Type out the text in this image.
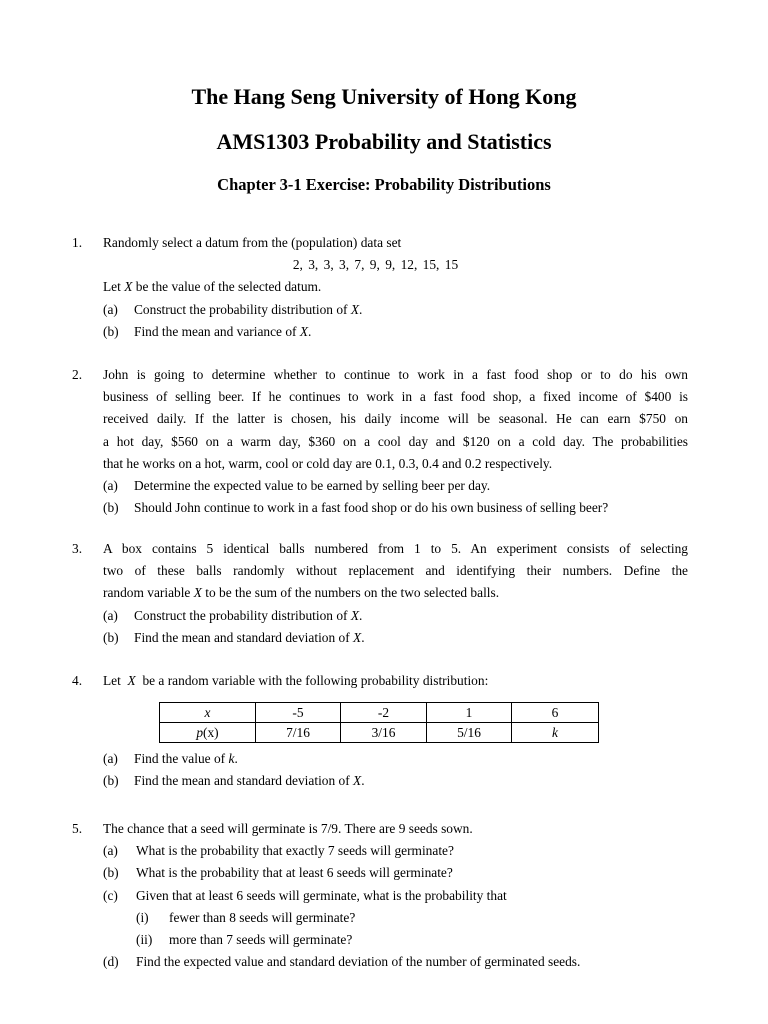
The Hang Seng University of Hong Kong
AMS1303 Probability and Statistics
Chapter 3-1 Exercise: Probability Distributions
1. Randomly select a datum from the (population) data set
2, 3, 3, 3, 7, 9, 9, 12, 15, 15
Let X be the value of the selected datum.
(a) Construct the probability distribution of X.
(b) Find the mean and variance of X.
2. John is going to determine whether to continue to work in a fast food shop or to do his own
business of selling beer. If he continues to work in a fast food shop, a fixed income of $400 is
received daily. If the latter is chosen, his daily income will be seasonal. He can earn $750 on
a hot day, $560 on a warm day, $360 on a cool day and $120 on a cold day. The probabilities
that he works on a hot, warm, cool or cold day are 0.1, 0.3, 0.4 and 0.2 respectively.
(a) Determine the expected value to be earned by selling beer per day.
(b) Should John continue to work in a fast food shop or do his own business of selling beer?
3. A box contains 5 identical balls numbered from 1 to 5. An experiment consists of selecting
two of these balls randomly without replacement and identifying their numbers. Define the
random variable X to be the sum of the numbers on the two selected balls.
(a) Construct the probability distribution of X.
(b) Find the mean and standard deviation of X.
4. Let X be a random variable with the following probability distribution:
x	-5	-2	1	6
p(x)	7/16	3/16	5/16	k
(a) Find the value of k.
(b) Find the mean and standard deviation of X.
5. The chance that a seed will germinate is 7/9. There are 9 seeds sown.
(a) What is the probability that exactly 7 seeds will germinate?
(b) What is the probability that at least 6 seeds will germinate?
(c) Given that at least 6 seeds will germinate, what is the probability that
(i) fewer than 8 seeds will germinate?
(ii) more than 7 seeds will germinate?
(d) Find the expected value and standard deviation of the number of germinated seeds.
